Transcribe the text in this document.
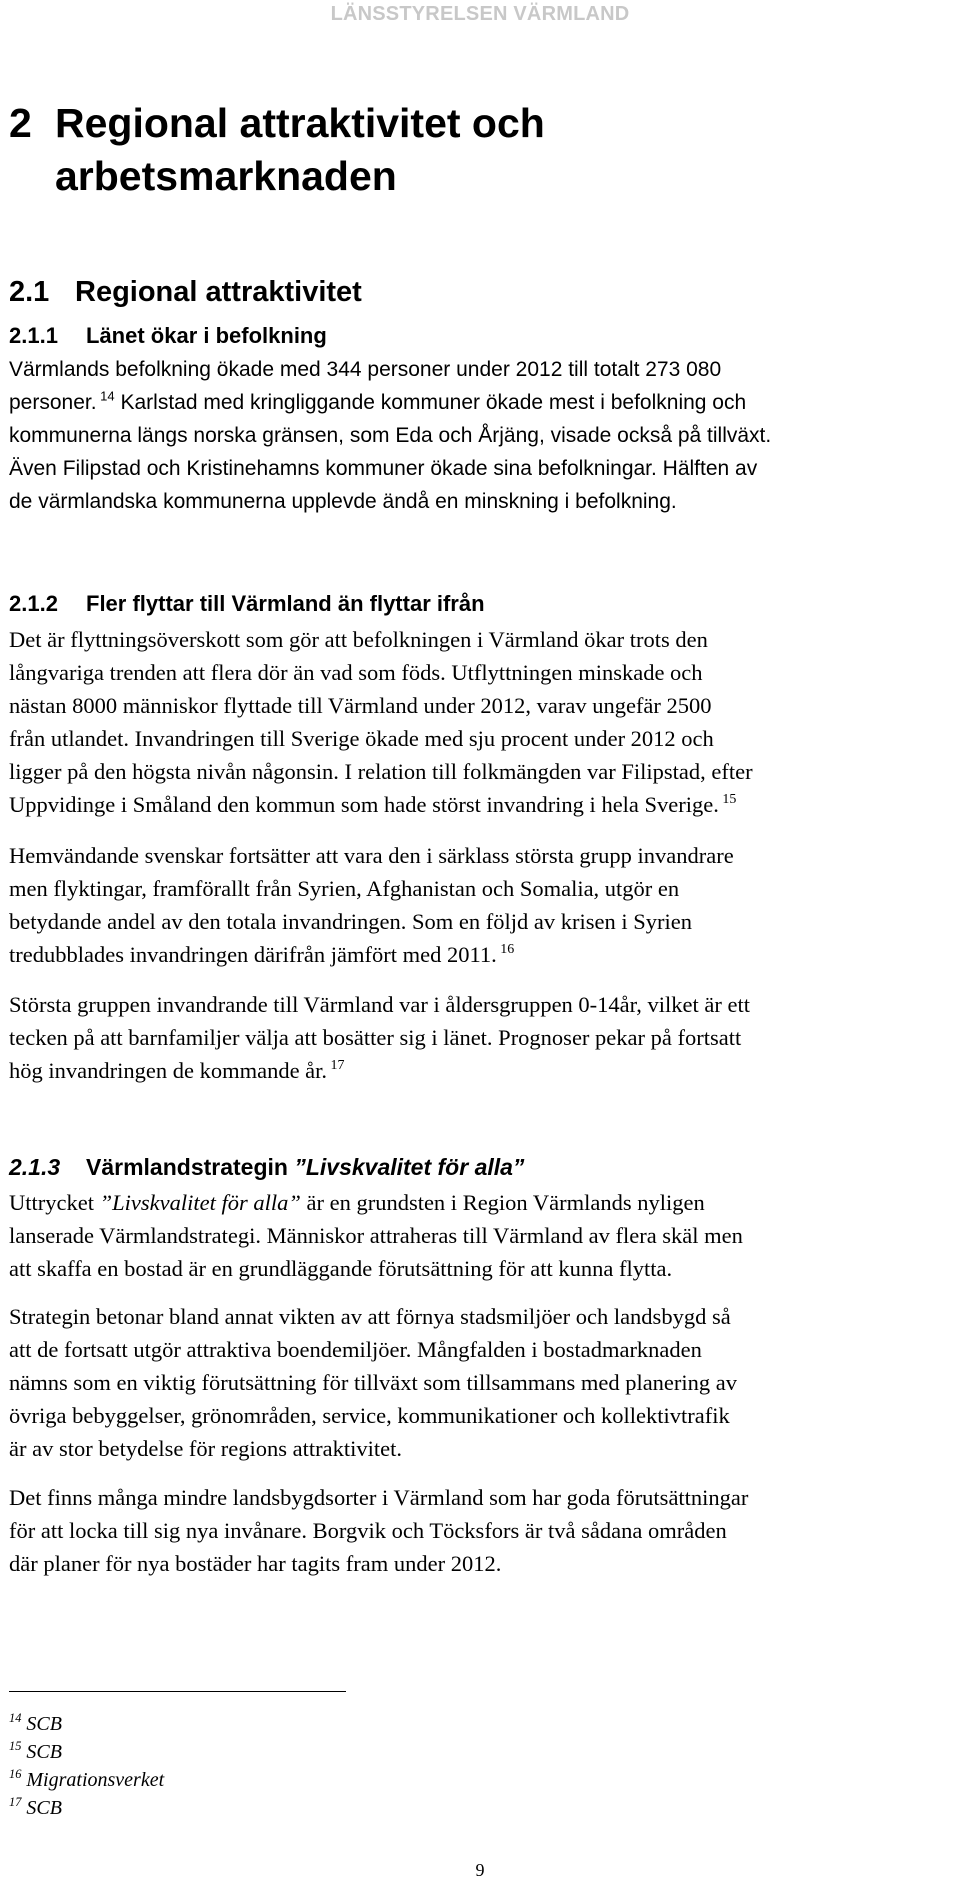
LÄNSSTYRELSEN VÄRMLAND
2 Regional attraktivitet och
arbetsmarknaden
2.1 Regional attraktivitet
2.1.1 Länet ökar i befolkning
Värmlands befolkning ökade med 344 personer under 2012 till totalt 273 080
personer. $^{14}$ Karlstad med kringliggande kommuner ökade mest i befolkning och
kommunerna längs norska gränsen, som Eda och Årjäng, visade också på tillväxt.
Även Filipstad och Kristinehamns kommuner ökade sina befolkningar. Hälften av
de värmlandska kommunerna upplevde ändå en minskning i befolkning.
2.1.2 Fler flyttar till Värmland än flyttar ifrån
Det är flyttningsöverskott som gör att befolkningen i Värmland ökar trots den
långvariga trenden att flera dör än vad som föds. Utflyttningen minskade och
nästan 8000 människor flyttade till Värmland under 2012, varav ungefär 2500
från utlandet. Invandringen till Sverige ökade med sju procent under 2012 och
ligger på den högsta nivån någonsin. I relation till folkmängden var Filipstad, efter
Uppvidinge i Småland den kommun som hade störst invandring i hela Sverige. $^{15}$
Hemvändande svenskar fortsätter att vara den i särklass största grupp invandrare
men flyktingar, framförallt från Syrien, Afghanistan och Somalia, utgör en
betydande andel av den totala invandringen. Som en följd av krisen i Syrien
tredubblades invandringen därifrån jämfört med 2011. $^{16}$
Största gruppen invandrande till Värmland var i åldersgruppen 0-14år, vilket är ett
tecken på att barnfamiljer välja att bosätter sig i länet. Prognoser pekar på fortsatt
hög invandringen de kommande år. $^{17}$
2.1.3 Värmlandstrategin ”Livskvalitet för alla”
Uttrycket ”Livskvalitet för alla” är en grundsten i Region Värmlands nyligen
lanserade Värmlandstrategi. Människor attraheras till Värmland av flera skäl men
att skaffa en bostad är en grundläggande förutsättning för att kunna flytta.
Strategin betonar bland annat vikten av att förnya stadsmiljöer och landsbygd så
att de fortsatt utgör attraktiva boendemiljöer. Mångfalden i bostadmarknaden
nämns som en viktig förutsättning för tillväxt som tillsammans med planering av
övriga bebyggelser, grönområden, service, kommunikationer och kollektivtrafik
är av stor betydelse för regions attraktivitet.
Det finns många mindre landsbygdsorter i Värmland som har goda förutsättningar
för att locka till sig nya invånare. Borgvik och Töcksfors är två sådana områden
där planer för nya bostäder har tagits fram under 2012.
$^{14}$ SCB
$^{15}$ SCB
$^{16}$ Migrationsverket
$^{17}$ SCB
9
